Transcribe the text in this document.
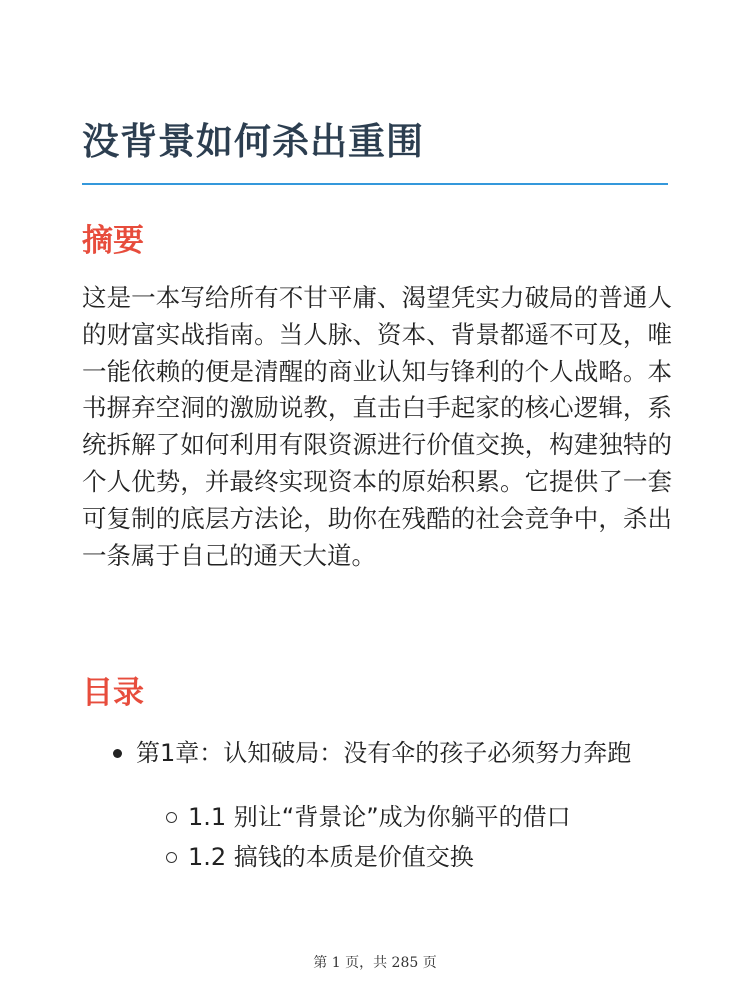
没背景如何杀出重围
摘要

这是一本写给所有不甘平庸、渴望凭实力破局的普通人的财富实战指南。当人脉、资本、背景都遥不可及，唯一能依赖的便是清醒的商业认知与锋利的个人战略。本书摒弃空洞的激励说教，直击白手起家的核心逻辑，系统拆解了如何利用有限资源进行价值交换，构建独特的个人优势，并最终实现资本的原始积累。它提供了一套可复制的底层方法论，助你在残酷的社会竞争中，杀出一条属于自己的通天大道。

目录
第1章：认知破局：没有伞的孩子必须努力奔跑
1.1 别让“背景论”成为你躺平的借口
1.2 搞钱的本质是价值交换
第 1 页，共 285 页
